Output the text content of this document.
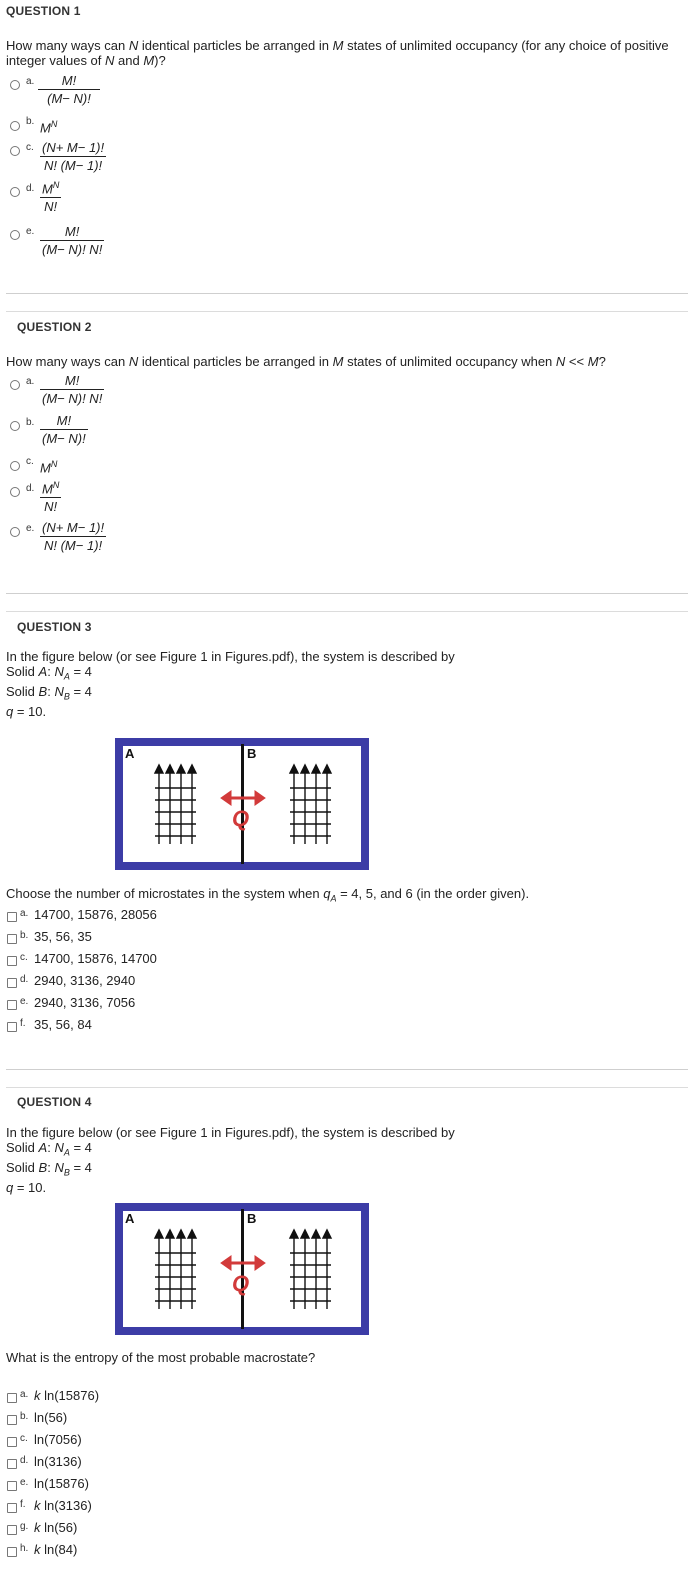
QUESTION 1
How many ways can N identical particles be arranged in M states of unlimited occupancy (for any choice of positive integer values of N and M)?
a. $\frac{M!}{(M- N)!}$
b. $M^N$
c. $\frac{(N+ M- 1)!}{N! (M- 1)!}$
d. $\frac{M^N}{N!}$
e. $\frac{M!}{(M- N)! N!}$
QUESTION 2
How many ways can N identical particles be arranged in M states of unlimited occupancy when N << M?
a. $\frac{M!}{(M- N)! N!}$
b. $\frac{M!}{(M- N)!}$
c. $M^N$
d. $\frac{M^N}{N!}$
e. $\frac{(N+ M- 1)!}{N! (M- 1)!}$
QUESTION 3
In the figure below (or see Figure 1 in Figures.pdf), the system is described by
Solid A: $N_A = 4$
Solid B: $N_B = 4$
q = 10.
A	B
Q
Choose the number of microstates in the system when $q_A = 4$, 5, and 6 (in the order given).
a. 14700, 15876, 28056
b. 35, 56, 35
c. 14700, 15876, 14700
d. 2940, 3136, 2940
e. 2940, 3136, 7056
f. 35, 56, 84
QUESTION 4
In the figure below (or see Figure 1 in Figures.pdf), the system is described by
Solid A: $N_A = 4$
Solid B: $N_B = 4$
q = 10.
A	B
Q
What is the entropy of the most probable macrostate?
a. k ln(15876)
b. ln(56)
c. ln(7056)
d. ln(3136)
e. ln(15876)
f. k ln(3136)
g. k ln(56)
h. k ln(84)
